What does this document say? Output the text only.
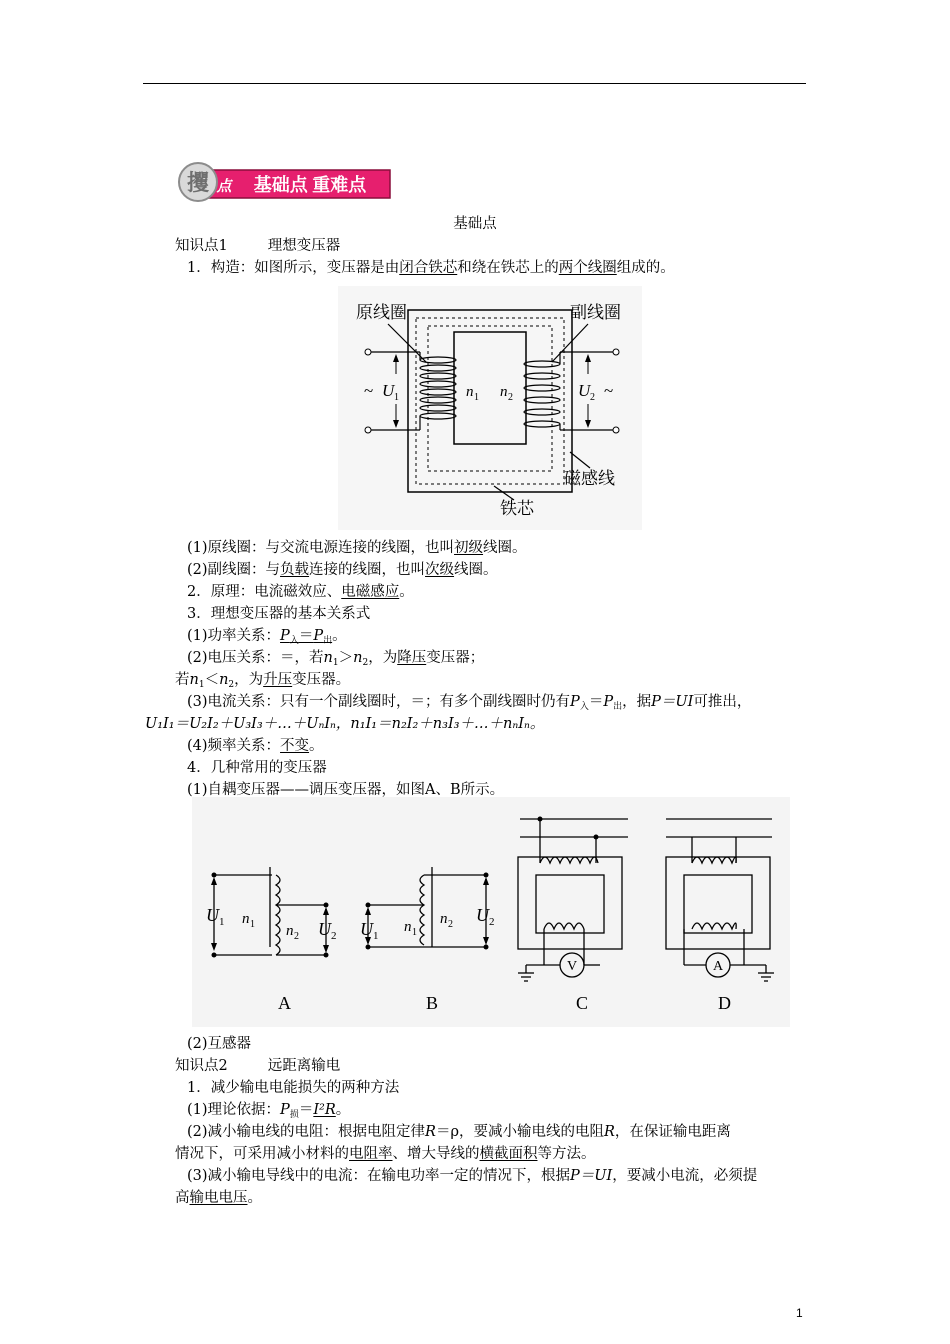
攫 点 基础点 重难点
基础点
知识点1	理想变压器
1．构造：如图所示，变压器是由闭合铁芯和绕在铁芯上的两个线圈组成的。
原线圈	副线圈
磁感线
铁芯
~ U 1	n 1 n 2	U 2 ~
(1)原线圈：与交流电源连接的线圈，也叫初级线圈。
(2)副线圈：与负载连接的线圈，也叫次级线圈。
2．原理：电流磁效应、电磁感应。
3．理想变压器的基本关系式
(1)功率关系：$P_入=P_出$。
(2)电压关系：＝，若$n_1>n_2$，为降压变压器；
若$n_1<n_2$，为升压变压器。
(3)电流关系：只有一个副线圈时，＝；有多个副线圈时仍有$P_入=P_出$，据P＝UI可推出，
U₁I₁＝U₂I₂＋U₃I₃＋…＋UₙIₙ，n₁I₁＝n₂I₂＋n₃I₃＋…＋nₙIₙ。
(4)频率关系：不变。
4．几种常用的变压器
(1)自耦变压器——调压变压器，如图A、B所示。
U 1 n 1 n 2 U 2 U 1
n 1
n 2 U 2
V	A
A	B	C	D
(2)互感器
知识点2	远距离输电
1．减少输电电能损失的两种方法
(1)理论依据：$P_损=I^2R$。
(2)减小输电线的电阻：根据电阻定律R＝ρ，要减小输电线的电阻R，在保证输电距离
情况下，可采用减小材料的电阻率、增大导线的横截面积等方法。
(3)减小输电导线中的电流：在输电功率一定的情况下，根据P＝UI，要减小电流，必须提
高输电电压。
1
